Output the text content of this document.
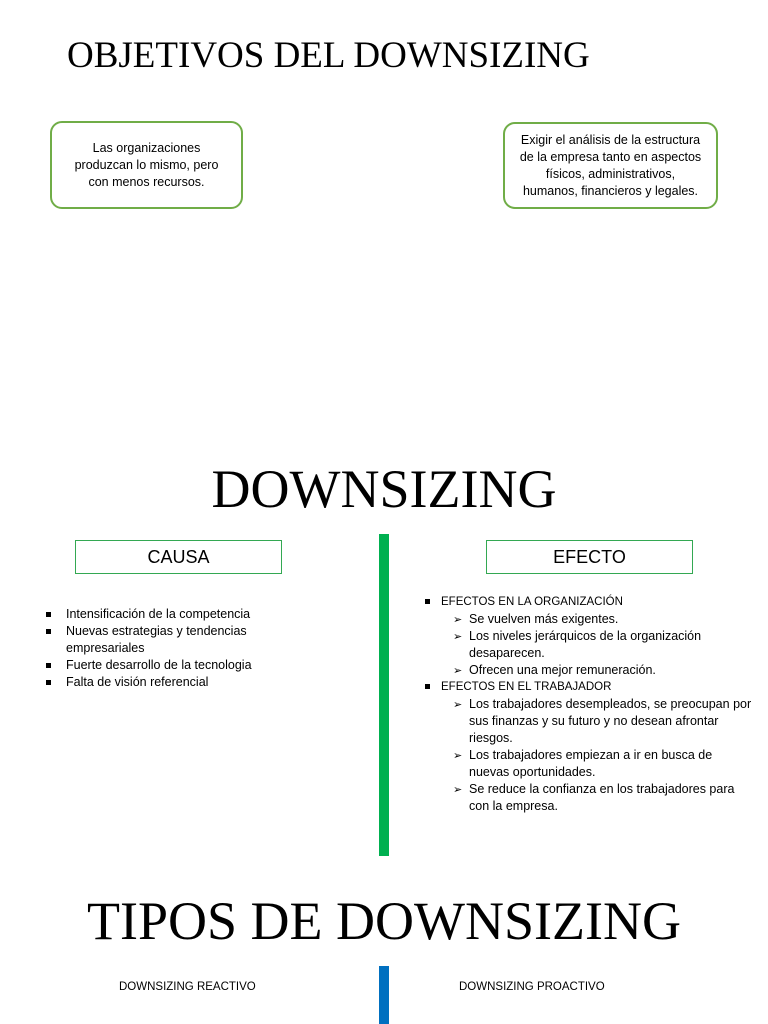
OBJETIVOS DEL DOWNSIZING
Las organizaciones produzcan lo mismo, pero con menos recursos.
Exigir el análisis de la estructura de la empresa tanto en aspectos físicos, administrativos, humanos, financieros y legales.
DOWNSIZING
CAUSA	EFECTO
Intensificación de la competencia
Nuevas estrategias y tendencias empresariales
Fuerte desarrollo de la tecnologia
Falta de visión referencial
EFECTOS EN LA ORGANIZACIÓN
➢ Se vuelven más exigentes.
➢ Los niveles jerárquicos de la organización desaparecen.
➢ Ofrecen una mejor remuneración.
EFECTOS EN EL TRABAJADOR
➢ Los trabajadores desempleados, se preocupan por sus finanzas y su futuro y no desean afrontar riesgos.
➢ Los trabajadores empiezan a ir en busca de nuevas oportunidades.
➢ Se reduce la confianza en los trabajadores para con la empresa.
TIPOS DE DOWNSIZING
DOWNSIZING REACTIVO	DOWNSIZING PROACTIVO
